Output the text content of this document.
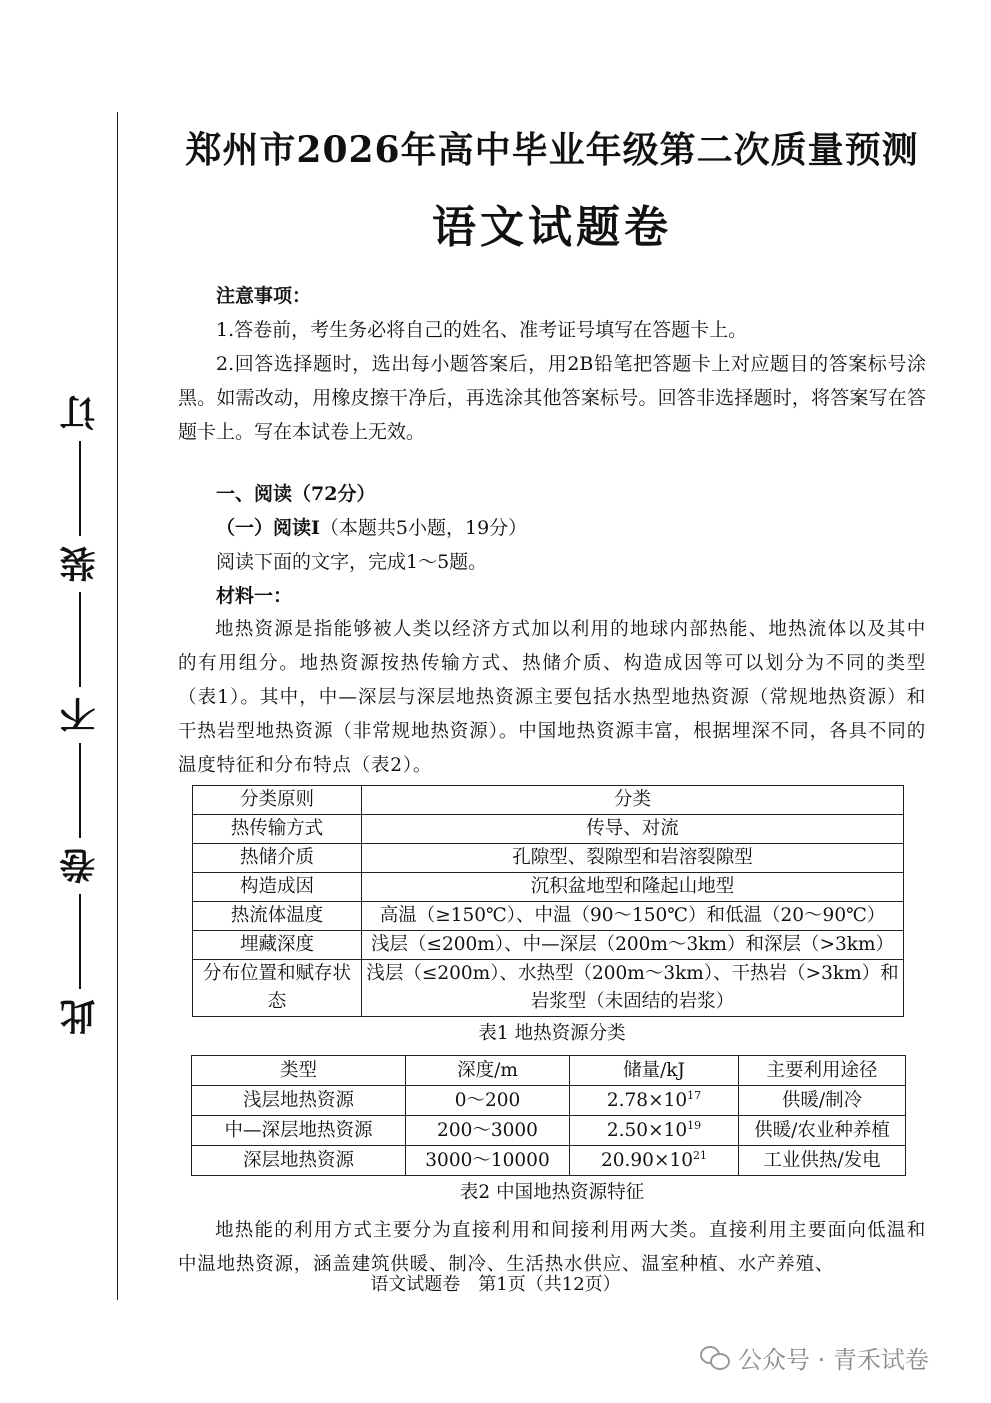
订
装
不
卷
此
郑州市2026年高中毕业年级第二次质量预测
语文试题卷

注意事项：

1.答卷前，考生务必将自己的姓名、准考证号填写在答题卡上。

2.回答选择题时，选出每小题答案后，用2B铅笔把答题卡上对应题目的答案标号涂黑。如需改动，用橡皮擦干净后，再选涂其他答案标号。回答非选择题时，将答案写在答题卡上。写在本试卷上无效。

一、阅读（72分）

（一）阅读Ⅰ（本题共5小题，19分）

阅读下面的文字，完成1～5题。

材料一：

地热资源是指能够被人类以经济方式加以利用的地球内部热能、地热流体以及其中的有用组分。地热资源按热传输方式、热储介质、构造成因等可以划分为不同的类型（表1）。其中，中—深层与深层地热资源主要包括水热型地热资源（常规地热资源）和干热岩型地热资源（非常规地热资源）。中国地热资源丰富，根据埋深不同，各具不同的温度特征和分布特点（表2）。

分类原则	分类
热传输方式	传导、对流
热储介质	孔隙型、裂隙型和岩溶裂隙型
构造成因	沉积盆地型和隆起山地型
热流体温度	高温（≥150℃）、中温（90～150℃）和低温（20～90℃）
埋藏深度	浅层（≤200m）、中—深层（200m～3km）和深层（>3km）
分布位置和赋存状态	浅层（≤200m）、水热型（200m～3km）、干热岩（>3km）和岩浆型（未固结的岩浆）
表1 地热资源分类
类型	深度/m	储量/kJ	主要利用途径
浅层地热资源	0～200	$2.78\times 10^{17}$	供暖/制冷
中—深层地热资源	200～3000	$2.50\times 10^{19}$	供暖/农业种养植
深层地热资源	3000～10000	$20.90\times 10^{21}$	工业供热/发电
表2 中国地热资源特征

地热能的利用方式主要分为直接利用和间接利用两大类。直接利用主要面向低温和中温地热资源，涵盖建筑供暖、制冷、生活热水供应、温室种植、水产养殖、

语文试题卷　第1页（共12页）
公众号 · 青禾试卷
